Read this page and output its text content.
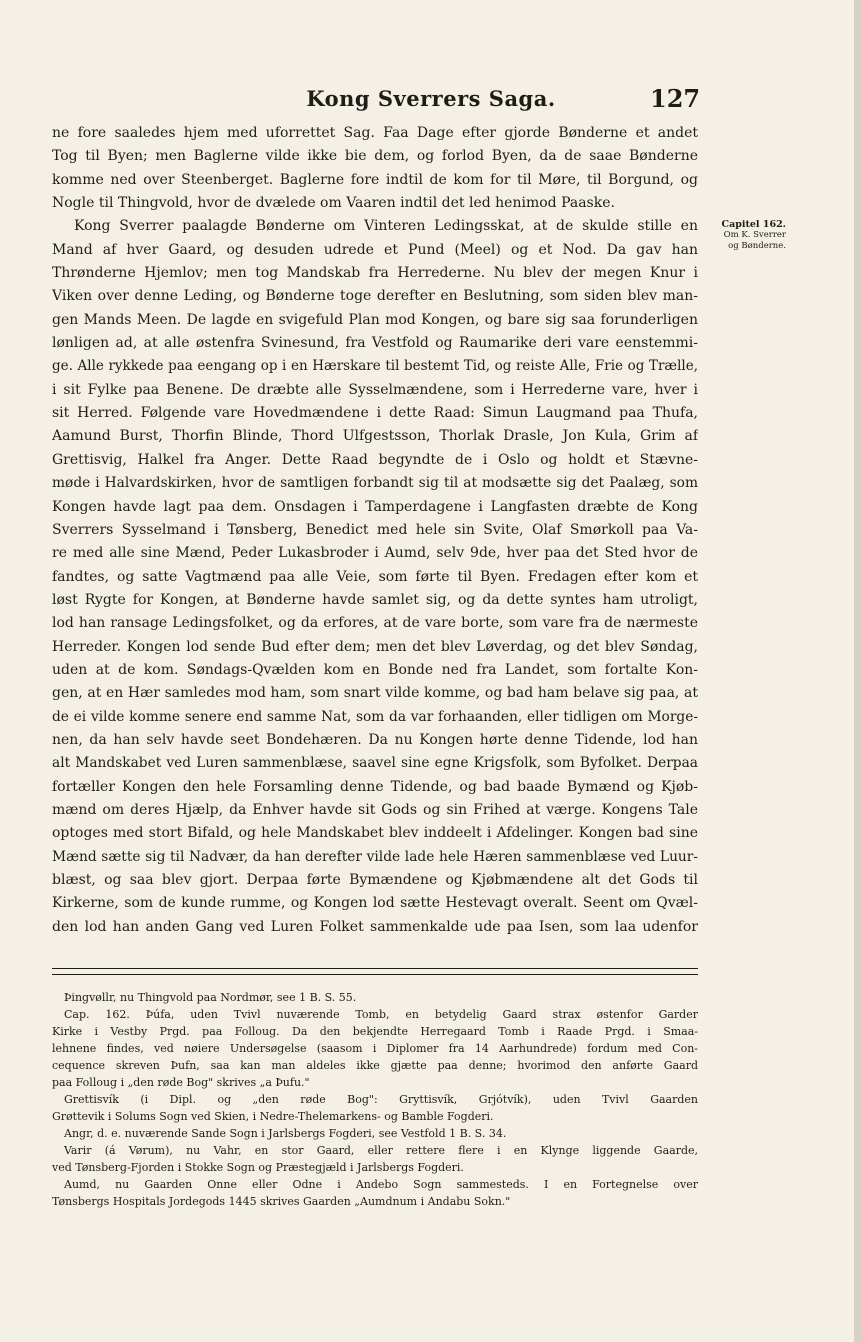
Kong Sverrers Saga.	127
ne fore saaledes hjem med uforrettet Sag. Faa Dage efter gjorde Bønderne et andet
Tog til Byen; men Baglerne vilde ikke bie dem, og forlod Byen, da de saae Bønderne
komme ned over Steenberget. Baglerne fore indtil de kom for til Møre, til Borgund, og
Nogle til Thingvold, hvor de dvælede om Vaaren indtil det led henimod Paaske.
Kong Sverrer paalagde Bønderne om Vinteren Ledingsskat, at de skulde stille en
Mand af hver Gaard, og desuden udrede et Pund (Meel) og et Nod. Da gav han
Thrønderne Hjemlov; men tog Mandskab fra Herrederne. Nu blev der megen Knur i
Viken over denne Leding, og Bønderne toge derefter en Beslutning, som siden blev man-
gen Mands Meen. De lagde en svigefuld Plan mod Kongen, og bare sig saa forunderligen
lønligen ad, at alle østenfra Svinesund, fra Vestfold og Raumarike deri vare eenstemmi-
ge. Alle rykkede paa eengang op i en Hærskare til bestemt Tid, og reiste Alle, Frie og Trælle,
i sit Fylke paa Benene. De dræbte alle Sysselmændene, som i Herrederne vare, hver i
sit Herred. Følgende vare Hovedmændene i dette Raad: Simun Laugmand paa Thufa,
Aamund Burst, Thorfin Blinde, Thord Ulfgestsson, Thorlak Drasle, Jon Kula, Grim af
Grettisvig, Halkel fra Anger. Dette Raad begyndte de i Oslo og holdt et Stævne-
møde i Halvardskirken, hvor de samtligen forbandt sig til at modsætte sig det Paalæg, som
Kongen havde lagt paa dem. Onsdagen i Tamperdagene i Langfasten dræbte de Kong
Sverrers Sysselmand i Tønsberg, Benedict med hele sin Svite, Olaf Smørkoll paa Va-
re med alle sine Mænd, Peder Lukasbroder i Aumd, selv 9de, hver paa det Sted hvor de
fandtes, og satte Vagtmænd paa alle Veie, som førte til Byen. Fredagen efter kom et
løst Rygte for Kongen, at Bønderne havde samlet sig, og da dette syntes ham utroligt,
lod han ransage Ledingsfolket, og da erfores, at de vare borte, som vare fra de nærmeste
Herreder. Kongen lod sende Bud efter dem; men det blev Løverdag, og det blev Søndag,
uden at de kom. Søndags-Qvælden kom en Bonde ned fra Landet, som fortalte Kon-
gen, at en Hær samledes mod ham, som snart vilde komme, og bad ham belave sig paa, at
de ei vilde komme senere end samme Nat, som da var forhaanden, eller tidligen om Morge-
nen, da han selv havde seet Bondehæren. Da nu Kongen hørte denne Tidende, lod han
alt Mandskabet ved Luren sammenblæse, saavel sine egne Krigsfolk, som Byfolket. Derpaa
fortæller Kongen den hele Forsamling denne Tidende, og bad baade Bymænd og Kjøb-
mænd om deres Hjælp, da Enhver havde sit Gods og sin Frihed at værge. Kongens Tale
optoges med stort Bifald, og hele Mandskabet blev inddeelt i Afdelinger. Kongen bad sine
Mænd sætte sig til Nadvær, da han derefter vilde lade hele Hæren sammenblæse ved Luur-
blæst, og saa blev gjort. Derpaa førte Bymændene og Kjøbmændene alt det Gods til
Kirkerne, som de kunde rumme, og Kongen lod sætte Hestevagt overalt. Seent om Qvæl-
den lod han anden Gang ved Luren Folket sammenkalde ude paa Isen, som laa udenfor
Capitel 162.
Om K. Sverrer
og Bønderne.
Þingvøllr, nu Thingvold paa Nordmør, see 1 B. S. 55.
Cap. 162. Þúfa, uden Tvivl nuværende Tomb, en betydelig Gaard strax østenfor Garder
Kirke i Vestby Prgd. paa Folloug. Da den bekjendte Herregaard Tomb i Raade Prgd. i Smaa-
lehnene findes, ved nøiere Undersøgelse (saasom i Diplomer fra 14 Aarhundrede) fordum med Con-
cequence skreven Þufn, saa kan man aldeles ikke gjætte paa denne; hvorimod den anførte Gaard
paa Folloug i „den røde Bog" skrives „a Þufu."
Grettisvík (i Dipl. og „den røde Bog": Gryttisvík, Grjótvík), uden Tvivl Gaarden
Grøttevik i Solums Sogn ved Skien, i Nedre-Thelemarkens- og Bamble Fogderi.
Angr, d. e. nuværende Sande Sogn i Jarlsbergs Fogderi, see Vestfold 1 B. S. 34.
Varir (á Vørum), nu Vahr, en stor Gaard, eller rettere flere i en Klynge liggende Gaarde,
ved Tønsberg-Fjorden i Stokke Sogn og Præstegjæld i Jarlsbergs Fogderi.
Aumd, nu Gaarden Onne eller Odne i Andebo Sogn sammesteds. I en Fortegnelse over
Tønsbergs Hospitals Jordegods 1445 skrives Gaarden „Aumdnum i Andabu Sokn."
